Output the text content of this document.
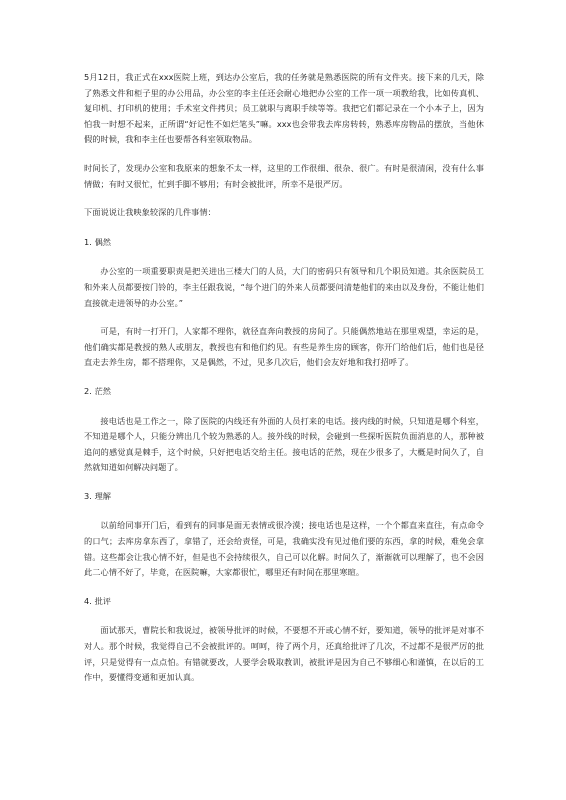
5月12日，我正式在xxx医院上班，到达办公室后，我的任务就是熟悉医院的所有文件夹。接下来的几天，除了熟悉文件和柜子里的办公用品，办公室的李主任还会耐心地把办公室的工作一项一项教给我，比如传真机、复印机、打印机的使用；手术室文件拷贝；员工就职与离职手续等等。我把它们都记录在一个小本子上，因为怕我一时想不起来，正所谓“好记性不如烂笔头”嘛。xxx也会带我去库房转转，熟悉库房物品的摆放，当他休假的时候，我和李主任也要帮各科室领取物品。

时间长了，发现办公室和我原来的想象不太一样，这里的工作很细、很杂、很广。有时是很清闲，没有什么事情做；有时又很忙，忙到手脚不够用；有时会被批评，所幸不是很严厉。

下面说说让我映象较深的几件事情：

1. 偶然

办公室的一项重要职责是把关进出三楼大门的人员，大门的密码只有领导和几个职员知道。其余医院员工和外来人员都要按门铃的，李主任跟我说，“每个进门的外来人员都要问清楚他们的来由以及身份，不能让他们直接就走进领导的办公室。”

可是，有时一打开门，人家都不理你，就径直奔向教授的房间了。只能偶然地站在那里观望，幸运的是，他们确实都是教授的熟人或朋友，教授也有和他们约见。有些是养生房的顾客，你开门给他们后，他们也是径直走去养生房，都不搭理你，又是偶然，不过，见多几次后，他们会友好地和我打招呼了。

2. 茫然

接电话也是工作之一，除了医院的内线还有外面的人员打来的电话。接内线的时候，只知道是哪个科室，不知道是哪个人，只能分辨出几个较为熟悉的人。接外线的时候，会碰到一些探听医院负面消息的人，那种被追问的感觉真是棘手，这个时候，只好把电话交给主任。接电话的茫然，现在少很多了，大概是时间久了，自然就知道如何解决问题了。

3. 理解

以前给同事开门后，看到有的同事是面无表情或很冷漠；接电话也是这样，一个个都直来直往，有点命令的口气；去库房拿东西了，拿错了，还会给责怪，可是，我确实没有见过他们要的东西，拿的时候，难免会拿错。这些都会让我心情不好，但是也不会持续很久，自己可以化解。时间久了，渐渐就可以理解了，也不会因此二心情不好了，毕竟，在医院嘛，大家都很忙，哪里还有时间在那里寒暄。

4. 批评

面试那天，曹院长和我说过，被领导批评的时候，不要想不开或心情不好，要知道，领导的批评是对事不对人。那个时候，我觉得自己不会被批评的。呵呵，待了两个月，还真给批评了几次，不过都不是很严厉的批评，只是觉得有一点点怕。有错就要改，人要学会吸取教训，被批评是因为自己不够细心和谨慎，在以后的工作中，要懂得变通和更加认真。
